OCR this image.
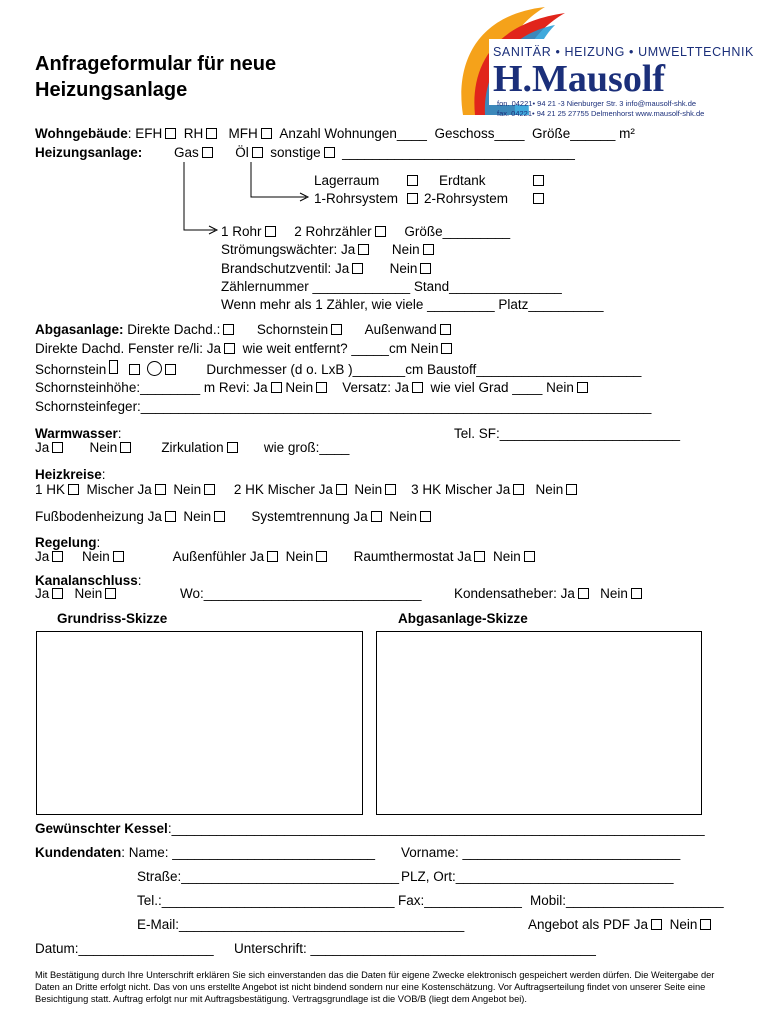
Anfrageformular für neue
Heizungsanlage
SANITÄR • HEIZUNG • UMWELTTECHNIK
H.Mausolf
fon. 04221• 94 21 -3 Nienburger Str. 3 info@mausolf-shk.de
fax. 04221• 94 21 25 27755 Delmenhorst www.mausolf-shk.de
Wohngebäude: EFH RH MFH Anzahl Wohnungen____ Geschoss____ Größe______ m²
Heizungsanlage: Gas	Öl sonstige _______________________________
Lagerraum	Erdtank
1-Rohrsystem 2-Rohrsystem
1 Rohr 2 Rohrzähler Größe_________
Strömungswächter: Ja	Nein
Brandschutzventil: Ja	Nein
Zählernummer _____________ Stand_______________
Wenn mehr als 1 Zähler, wie viele _________ Platz__________
Abgasanlage: Direkte Dachd.:	Schornstein	Außenwand
Direkte Dachd. Fenster re/li: Ja wie weit entfernt? _____cm Nein
Schornstein	Durchmesser (d o. LxB )_______cm Baustoff______________________
Schornsteinhöhe:________ m Revi: Ja Nein Versatz: Ja wie viel Grad ____ Nein
Schornsteinfeger:____________________________________________________________________
Warmwasser:	Tel. SF:________________________
Ja	Nein	Zirkulation	wie groß:____
Heizkreise:
1 HK Mischer Ja Nein 2 HK Mischer Ja Nein 3 HK Mischer Ja Nein
Fußbodenheizung Ja Nein	Systemtrennung Ja Nein
Regelung:
Ja Nein	Außenfühler Ja Nein	Raumthermostat Ja Nein
Kanalanschluss:
Ja Nein	Wo:_____________________________ Kondensatheber: Ja Nein
Grundriss-Skizze	Abgasanlage-Skizze
Gewünschter Kessel:_______________________________________________________________________
Kundendaten: Name: ___________________________ Vorname: _____________________________
Straße:_____________________________ PLZ, Ort:_____________________________
Tel.:_______________________________ Fax:_____________ Mobil:_____________________
E-Mail:______________________________________	Angebot als PDF Ja Nein
Datum:__________________ Unterschrift: ______________________________________
Mit Bestätigung durch Ihre Unterschrift erklären Sie sich einverstanden das die Daten für eigene Zwecke elektronisch gespeichert werden dürfen. Die Weitergabe der Daten an Dritte erfolgt nicht. Das von uns erstellte Angebot ist nicht bindend sondern nur eine Kostenschätzung. Vor Auftragserteilung findet von unserer Seite eine Besichtigung statt. Auftrag erfolgt nur mit Auftragsbestätigung. Vertragsgrundlage ist die VOB/B (liegt dem Angebot bei).
